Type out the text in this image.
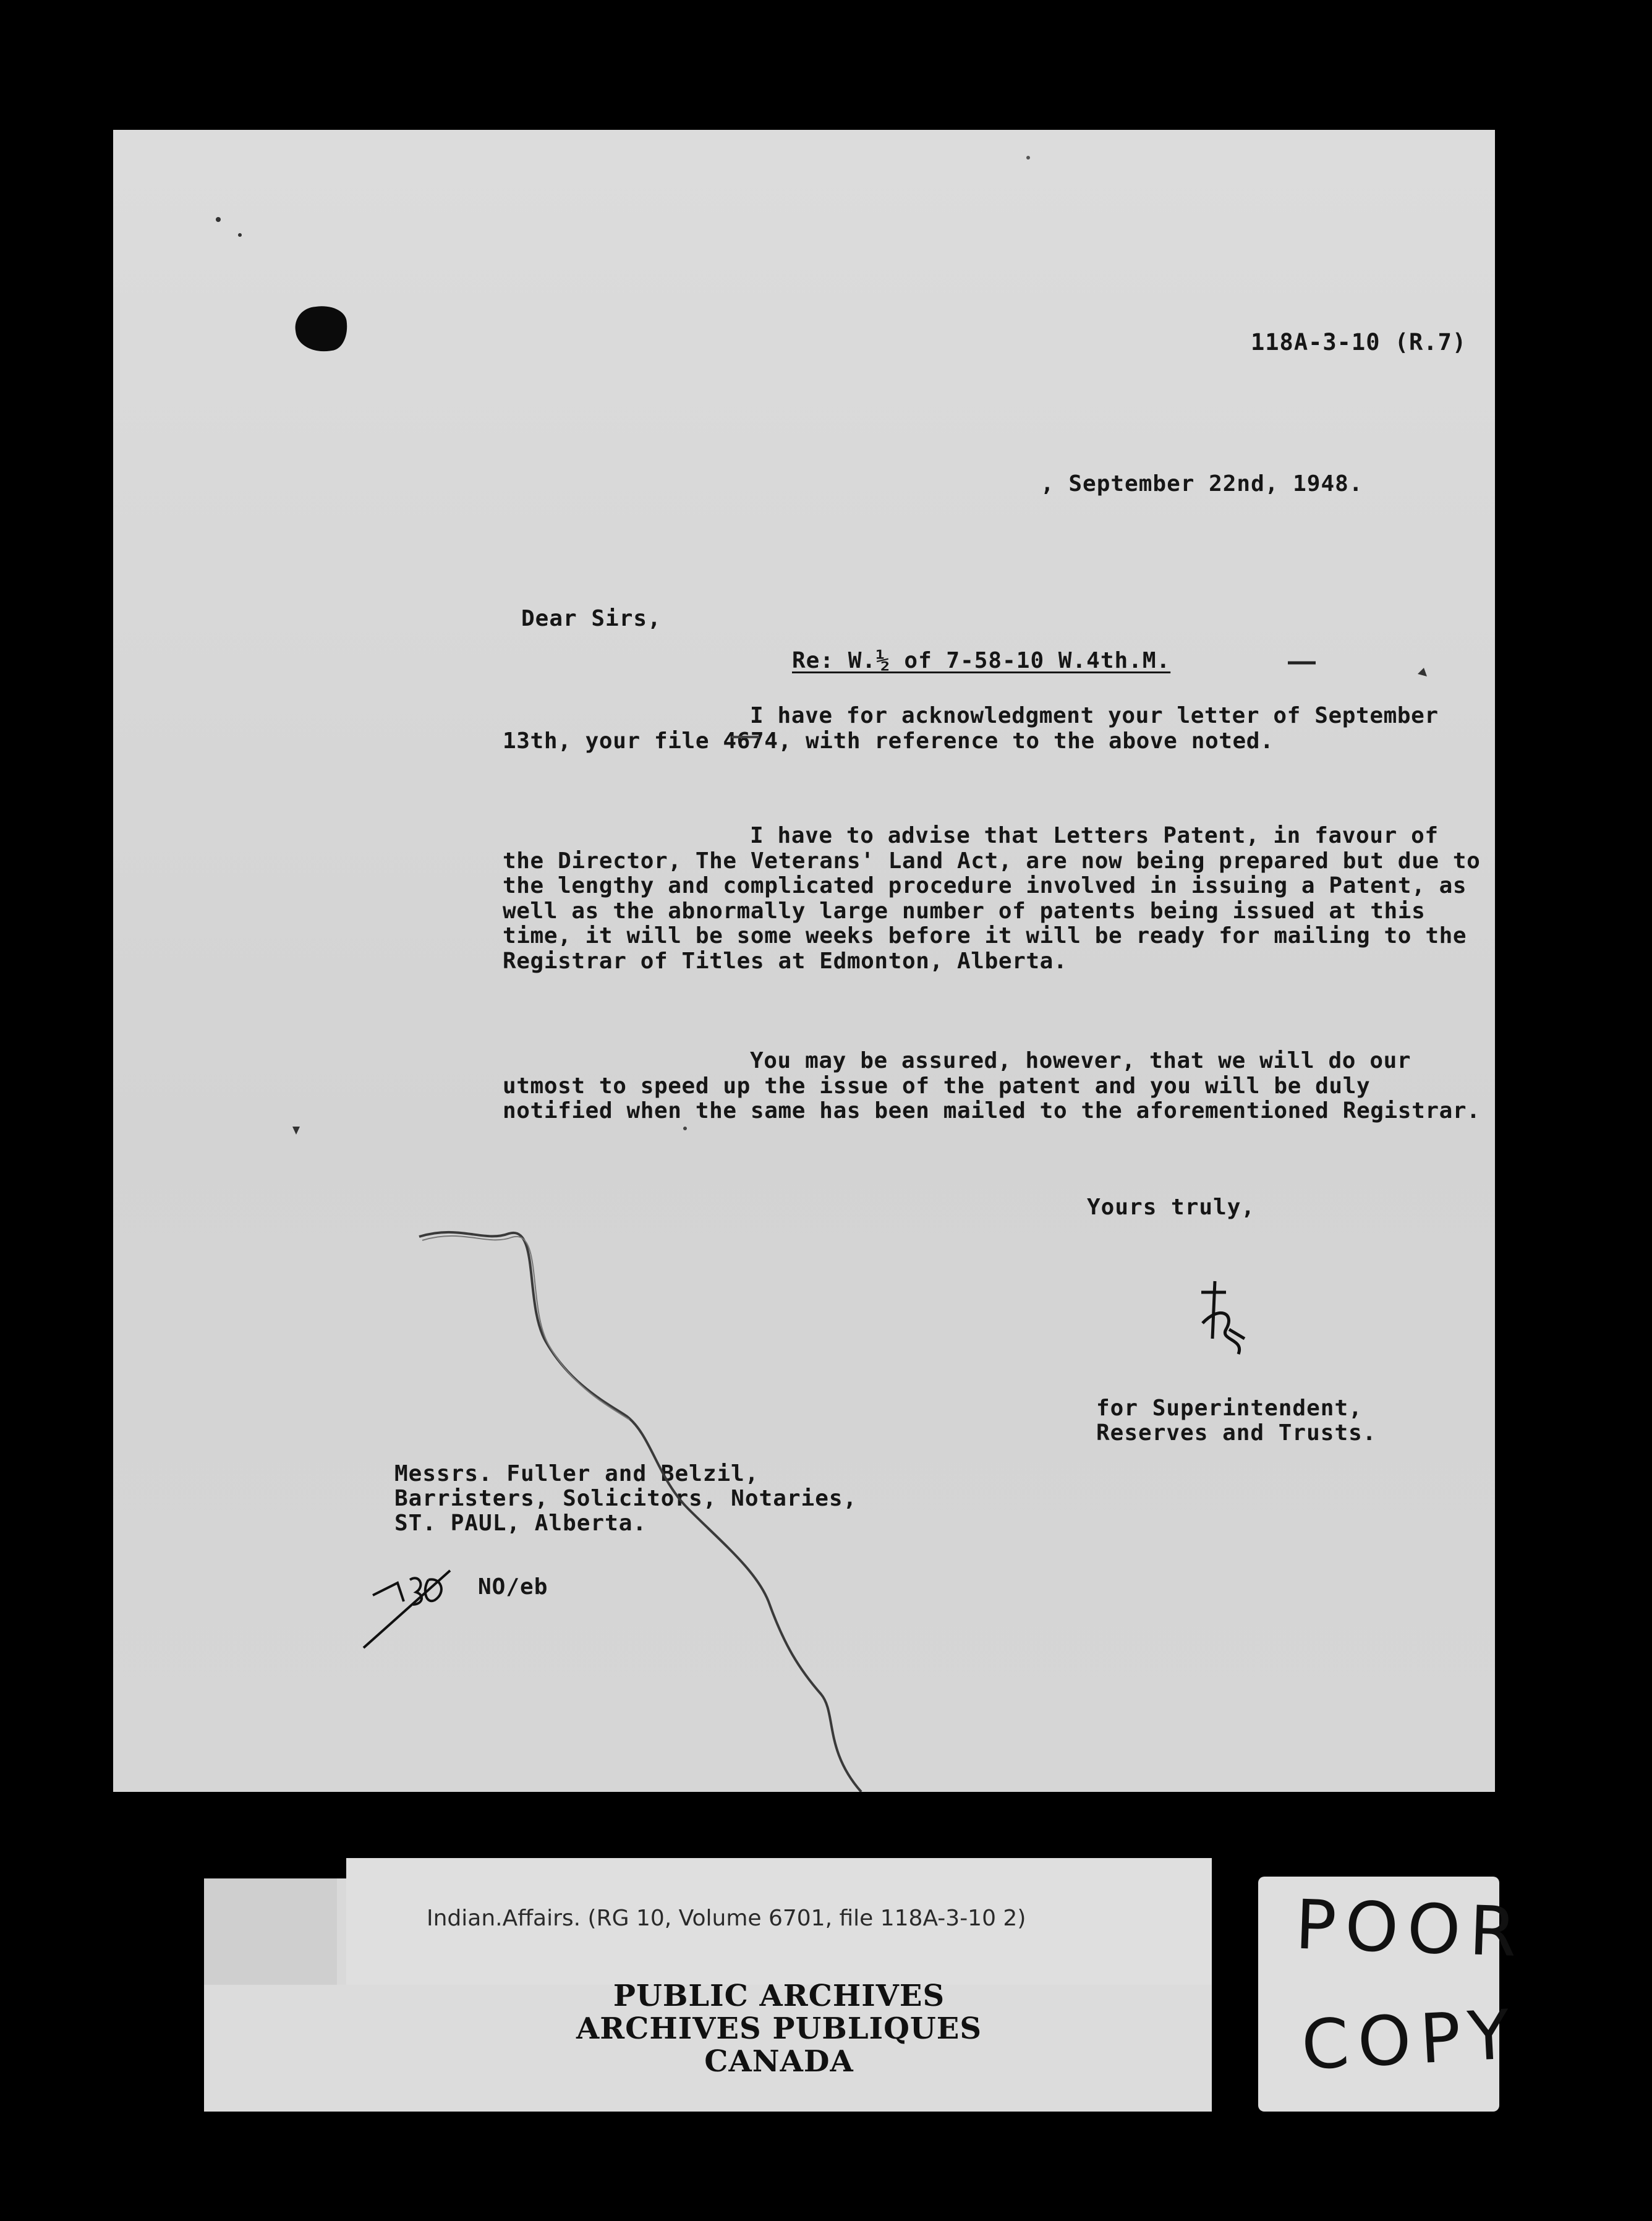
118A-3-10 (R.7)
, September 22nd, 1948.
Dear Sirs,
Re: W.½ of 7-58-10 W.4th.M.
I have for acknowledgment your letter of September 13th, your file 4674, with reference to the above noted.
I have to advise that Letters Patent, in favour of the Director, The Veterans' Land Act, are now being prepared but due to the lengthy and complicated procedure involved in issuing a Patent, as well as the abnormally large number of patents being issued at this time, it will be some weeks before it will be ready for mailing to the Registrar of Titles at Edmonton, Alberta.
You may be assured, however, that we will do our utmost to speed up the issue of the patent and you will be duly notified when the same has been mailed to the aforementioned Registrar.
Yours truly,
for Superintendent,
Reserves and Trusts.
Messrs. Fuller and Belzil,
Barristers, Solicitors, Notaries,
ST. PAUL, Alberta.
NO/eb
Indian.Affairs. (RG 10, Volume 6701, file 118A-3-10 2)
PUBLIC ARCHIVES
ARCHIVES PUBLIQUES
CANADA
POOR
COPY
